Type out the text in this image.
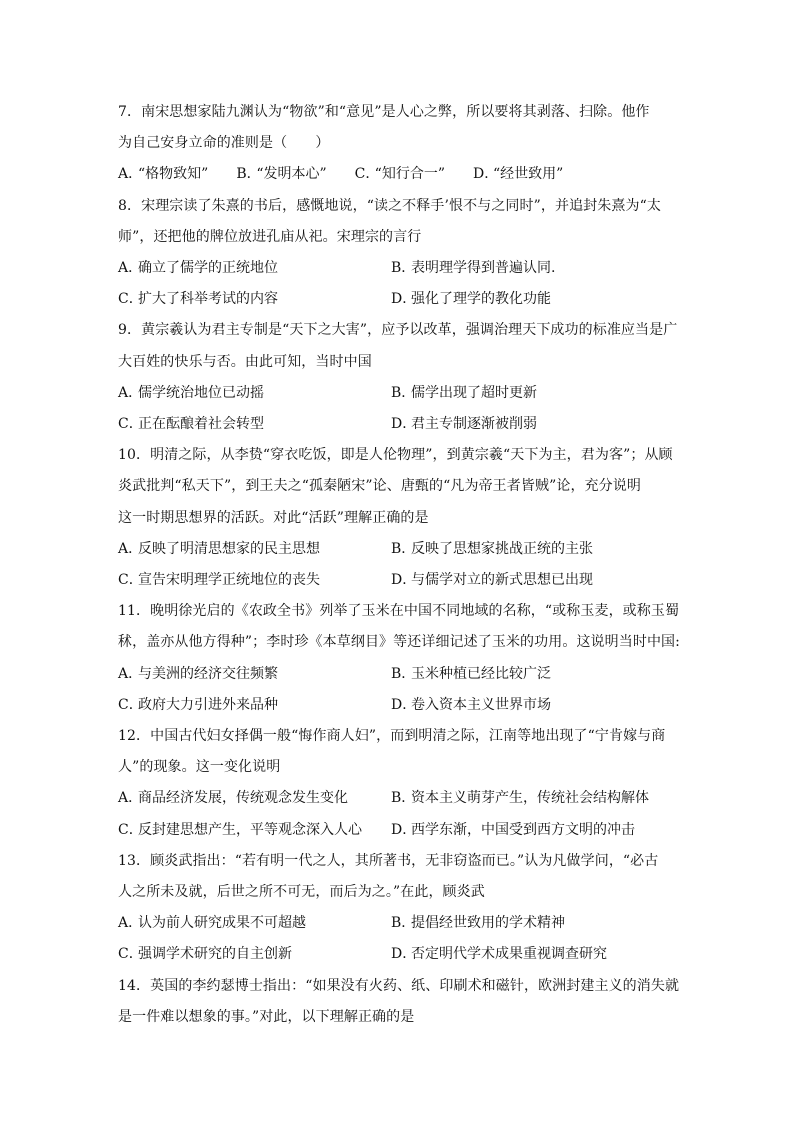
7．南宋思想家陆九渊认为“物欲”和“意见”是人心之弊，所以要将其剥落、扫除。他作
为自己安身立命的准则是（　　）
A．“格物致知” B．“发明本心” C．“知行合一” D．“经世致用”
8．宋理宗读了朱熹的书后，感慨地说，“读之不释手’恨不与之同时”，并追封朱熹为“太
师”，还把他的牌位放进孔庙从祀。宋理宗的言行
A．确立了儒学的正统地位	B．表明理学得到普遍认同.
C．扩大了科举考试的内容	D．强化了理学的教化功能
9．黄宗羲认为君主专制是“天下之大害”，应予以改革，强调治理天下成功的标准应当是广
大百姓的快乐与否。由此可知，当时中国
A．儒学统治地位已动摇	B．儒学出现了超时更新
C．正在酝酿着社会转型	D．君主专制逐渐被削弱
10．明清之际，从李贽“穿衣吃饭，即是人伦物理”，到黄宗羲“天下为主，君为客”；从顾
炎武批判“私天下”，到王夫之“孤秦陋宋”论、唐甄的“凡为帝王者皆贼”论，充分说明
这一时期思想界的活跃。对此“活跃”理解正确的是
A．反映了明清思想家的民主思想	B．反映了思想家挑战正统的主张
C．宣告宋明理学正统地位的丧失	D．与儒学对立的新式思想已出现
11．晚明徐光启的《农政全书》列举了玉米在中国不同地域的名称，“或称玉麦，或称玉蜀
秫，盖亦从他方得种”；李时珍《本草纲目》等还详细记述了玉米的功用。这说明当时中国:
A．与美洲的经济交往频繁	B．玉米种植已经比较广泛
C．政府大力引进外来品种	D．卷入资本主义世界市场
12．中国古代妇女择偶一般“悔作商人妇”，而到明清之际，江南等地出现了“宁肯嫁与商
人”的现象。这一变化说明
A．商品经济发展，传统观念发生变化	B．资本主义萌芽产生，传统社会结构解体
C．反封建思想产生，平等观念深入人心	D．西学东渐，中国受到西方文明的冲击
13．顾炎武指出：“若有明一代之人，其所著书，无非窃盗而已。”认为凡做学问，“必古
人之所未及就，后世之所不可无，而后为之。”在此，顾炎武
A．认为前人研究成果不可超越	B．提倡经世致用的学术精神
C．强调学术研究的自主创新	D．否定明代学术成果重视调查研究
14．英国的李约瑟博士指出：“如果没有火药、纸、印刷术和磁针，欧洲封建主义的消失就
是一件难以想象的事。”对此，以下理解正确的是
